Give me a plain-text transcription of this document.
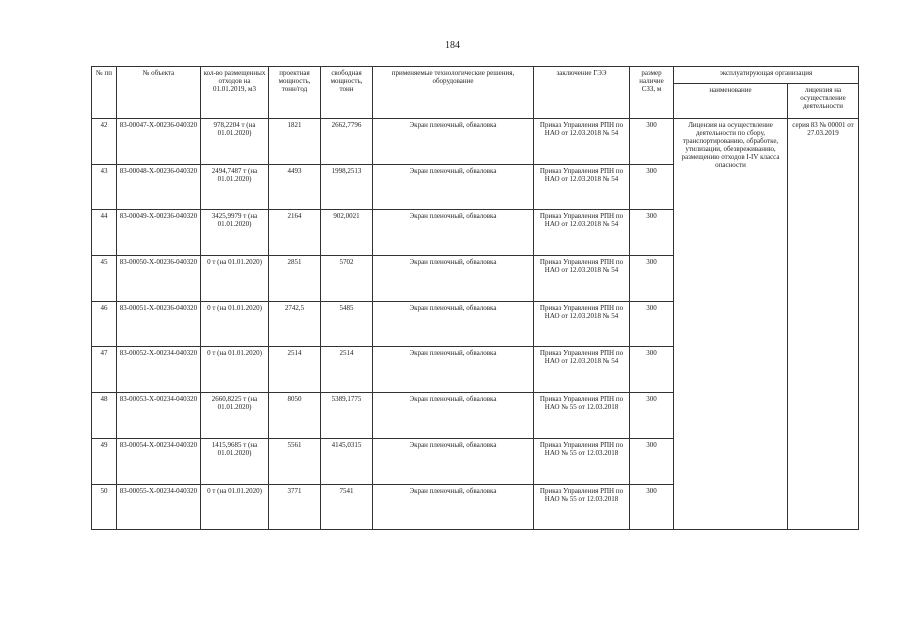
184
№ пп	№ объекта	кол-во размещенных отходов на 01.01.2019, м3	проектная мощность, тонн/год	свободная мощность, тонн	применяемые технологические решения, оборудование	заключение ГЭЭ	размер наличие СЗЗ, м	эксплуатирующая организация	
								наименование	лицензия на осуществление деятельности
42	83-00047-Х-00236-040320	978,2204 т (на 01.01.2020)	1821	2662,7796	Экран пленочный, обваловка	Приказ Управления РПН по НАО от 12.03.2018 № 54	300	Лицензия на осуществление деятельности по сбору, транспортированию, обработке, утилизации, обезвреживанию, размещению отходов I-IV класса опасности	серия 83 № 00001 от 27.03.2019
43	83-00048-Х-00236-040320	2494,7487 т (на 01.01.2020)	4493	1998,2513	Экран пленочный, обваловка	Приказ Управления РПН по НАО от 12.03.2018 № 54	300		
44	83-00049-Х-00236-040320	3425,9979 т (на 01.01.2020)	2164	902,0021	Экран пленочный, обваловка	Приказ Управления РПН по НАО от 12.03.2018 № 54	300		
45	83-00050-Х-00236-040320	0 т (на 01.01.2020)	2851	5702	Экран пленочный, обваловка	Приказ Управления РПН по НАО от 12.03.2018 № 54	300		
46	83-00051-Х-00236-040320	0 т (на 01.01.2020)	2742,5	5485	Экран пленочный, обваловка	Приказ Управления РПН по НАО от 12.03.2018 № 54	300		
47	83-00052-Х-00234-040320	0 т (на 01.01.2020)	2514	2514	Экран пленочный, обваловка	Приказ Управления РПН по НАО от 12.03.2018 № 54	300		
48	83-00053-Х-00234-040320	2660,8225 т (на 01.01.2020)	8050	5389,1775	Экран пленочный, обваловка	Приказ Управления РПН по НАО № 55 от 12.03.2018	300		
49	83-00054-Х-00234-040320	1415,9685 т (на 01.01.2020)	5561	4145,0315	Экран пленочный, обваловка	Приказ Управления РПН по НАО № 55 от 12.03.2018	300		
50	83-00055-Х-00234-040320	0 т (на 01.01.2020)	3771	7541	Экран пленочный, обваловка	Приказ Управления РПН по НАО № 55 от 12.03.2018	300		
